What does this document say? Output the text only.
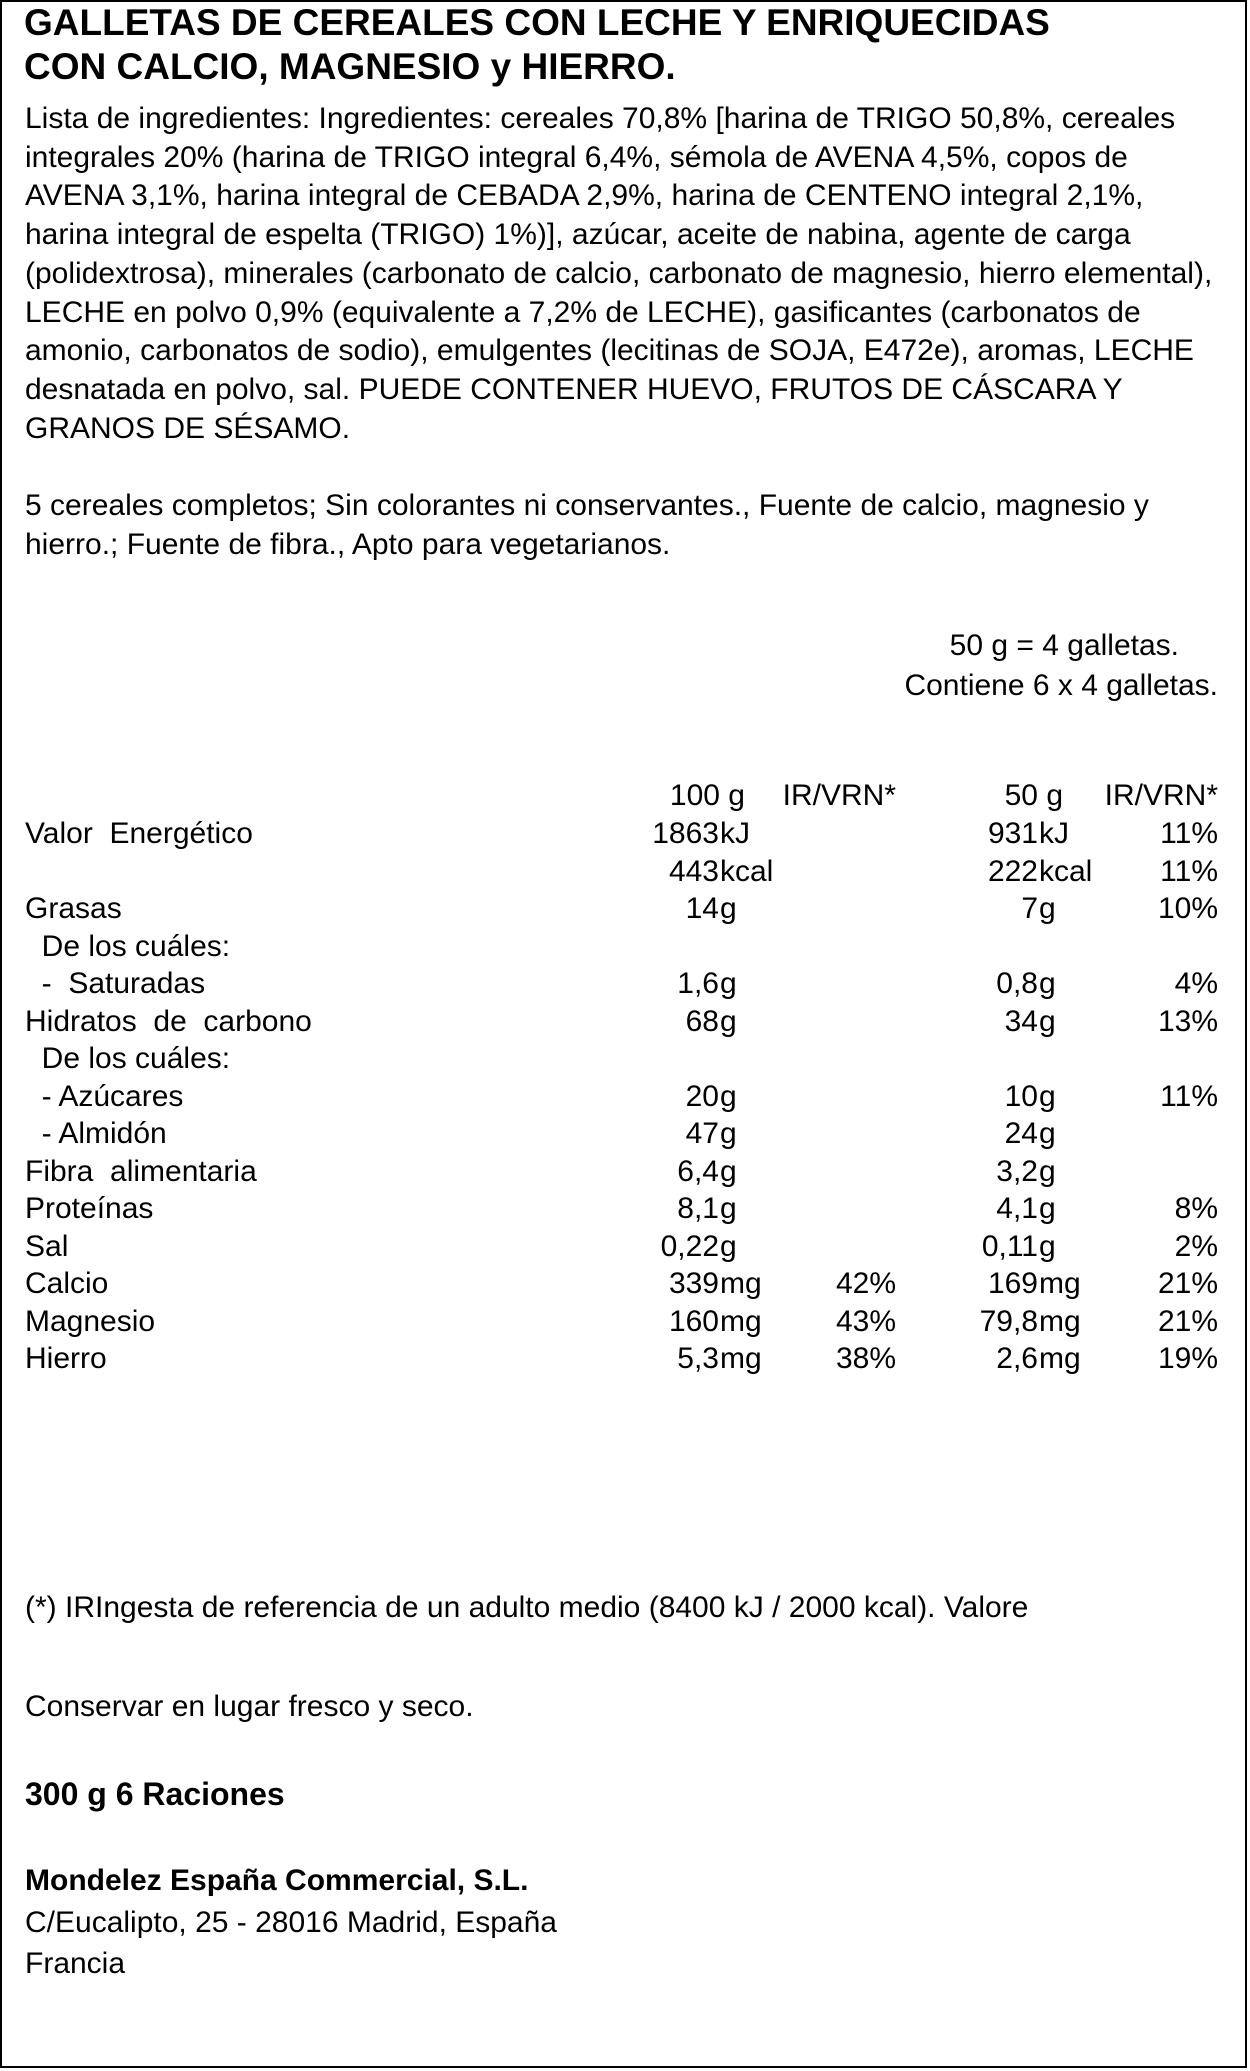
GALLETAS DE CEREALES CON LECHE Y ENRIQUECIDAS
CON CALCIO, MAGNESIO y HIERRO.
Lista de ingredientes: Ingredientes: cereales 70,8% [harina de TRIGO 50,8%, cereales integrales 20% (harina de TRIGO integral 6,4%, sémola de AVENA 4,5%, copos de AVENA 3,1%, harina integral de CEBADA 2,9%, harina de CENTENO integral 2,1%, harina integral de espelta (TRIGO) 1%)], azúcar, aceite de nabina, agente de carga (polidextrosa), minerales (carbonato de calcio, carbonato de magnesio, hierro elemental), LECHE en polvo 0,9% (equivalente a 7,2% de LECHE), gasificantes (carbonatos de amonio, carbonatos de sodio), emulgentes (lecitinas de SOJA, E472e), aromas, LECHE desnatada en polvo, sal. PUEDE CONTENER HUEVO, FRUTOS DE CÁSCARA Y GRANOS DE SÉSAMO.
5 cereales completos; Sin colorantes ni conservantes., Fuente de calcio, magnesio y hierro.; Fuente de fibra., Apto para vegetarianos.
50 g = 4 galletas.
Contiene 6 x 4 galletas.
100 g IR/VRN*	50 g IR/VRN*
Valor  Energético	1863 kJ	931 kJ	11%
443 kcal	222 kcal 11%
Grasas	14 g	7 g	10%
De los cuáles:
-  Saturadas	1,6 g	0,8 g	4%
Hidratos  de  carbono	68 g	34 g	13%
De los cuáles:
- Azúcares	20 g	10 g	11%
- Almidón	47 g	24 g
Fibra  alimentaria	6,4 g	3,2 g
Proteínas	8,1 g	4,1 g	8%
Sal	0,22 g	0,11 g	2%
Calcio	339 mg 42%	169 mg	21%
Magnesio	160 mg 43%	79,8 mg	21%
Hierro	5,3 mg 38%	2,6 mg	19%
(*) IRIngesta de referencia de un adulto medio (8400 kJ / 2000 kcal). Valore
Conservar en lugar fresco y seco.
300 g 6 Raciones
Mondelez España Commercial, S.L.
C/Eucalipto, 25 - 28016 Madrid, España
Francia
